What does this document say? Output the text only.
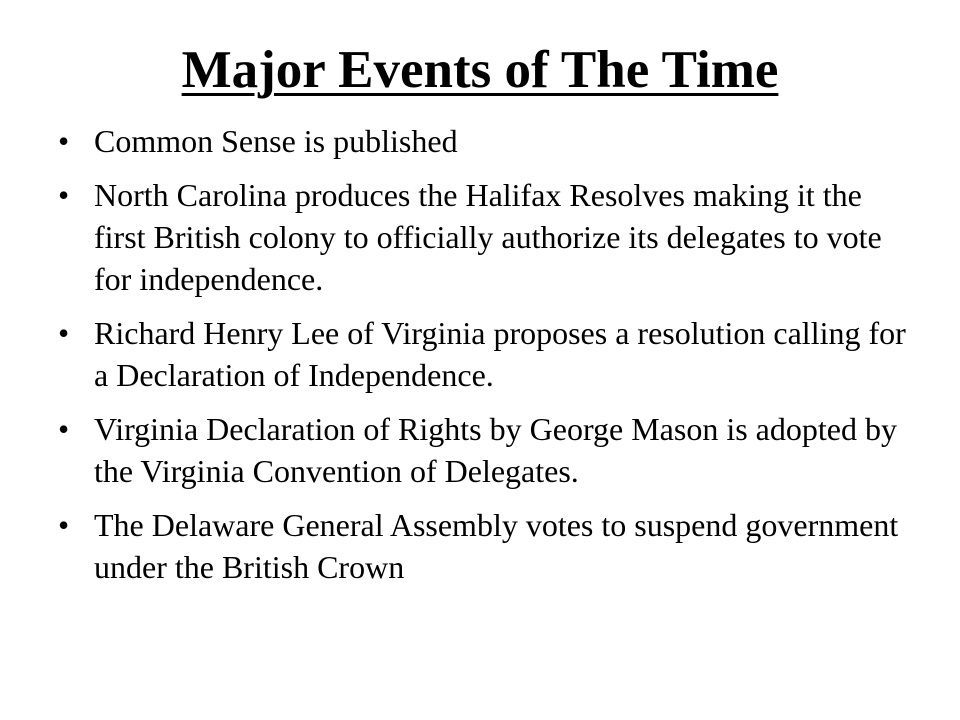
Major Events of The Time
• Common Sense is published
• North Carolina produces the Halifax Resolves making it the first British colony to officially authorize its delegates to vote for independence.
• Richard Henry Lee of Virginia proposes a resolution calling for a Declaration of Independence.
• Virginia Declaration of Rights by George Mason is adopted by the Virginia Convention of Delegates.
• The Delaware General Assembly votes to suspend government under the British Crown
